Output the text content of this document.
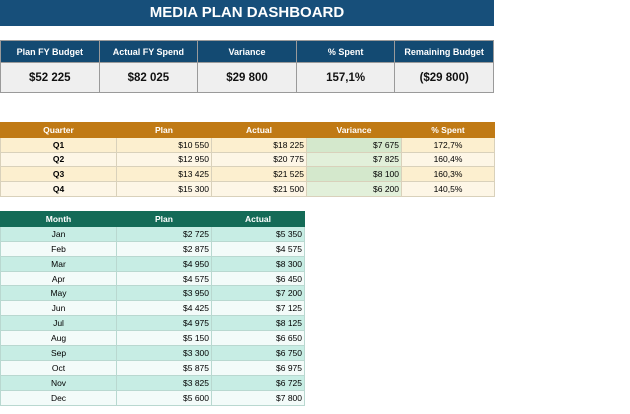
MEDIA PLAN DASHBOARD
Plan FY Budget	Actual FY Spend	Variance	% Spent	Remaining Budget
$52 225	$82 025	$29 800	157,1%	($29 800)
Quarter	Plan	Actual	Variance	% Spent
Q1	$10 550	$18 225	$7 675	172,7%
Q2	$12 950	$20 775	$7 825	160,4%
Q3	$13 425	$21 525	$8 100	160,3%
Q4	$15 300	$21 500	$6 200	140,5%
Month	Plan	Actual
Jan	$2 725	$5 350
Feb	$2 875	$4 575
Mar	$4 950	$8 300
Apr	$4 575	$6 450
May	$3 950	$7 200
Jun	$4 425	$7 125
Jul	$4 975	$8 125
Aug	$5 150	$6 650
Sep	$3 300	$6 750
Oct	$5 875	$6 975
Nov	$3 825	$6 725
Dec	$5 600	$7 800
